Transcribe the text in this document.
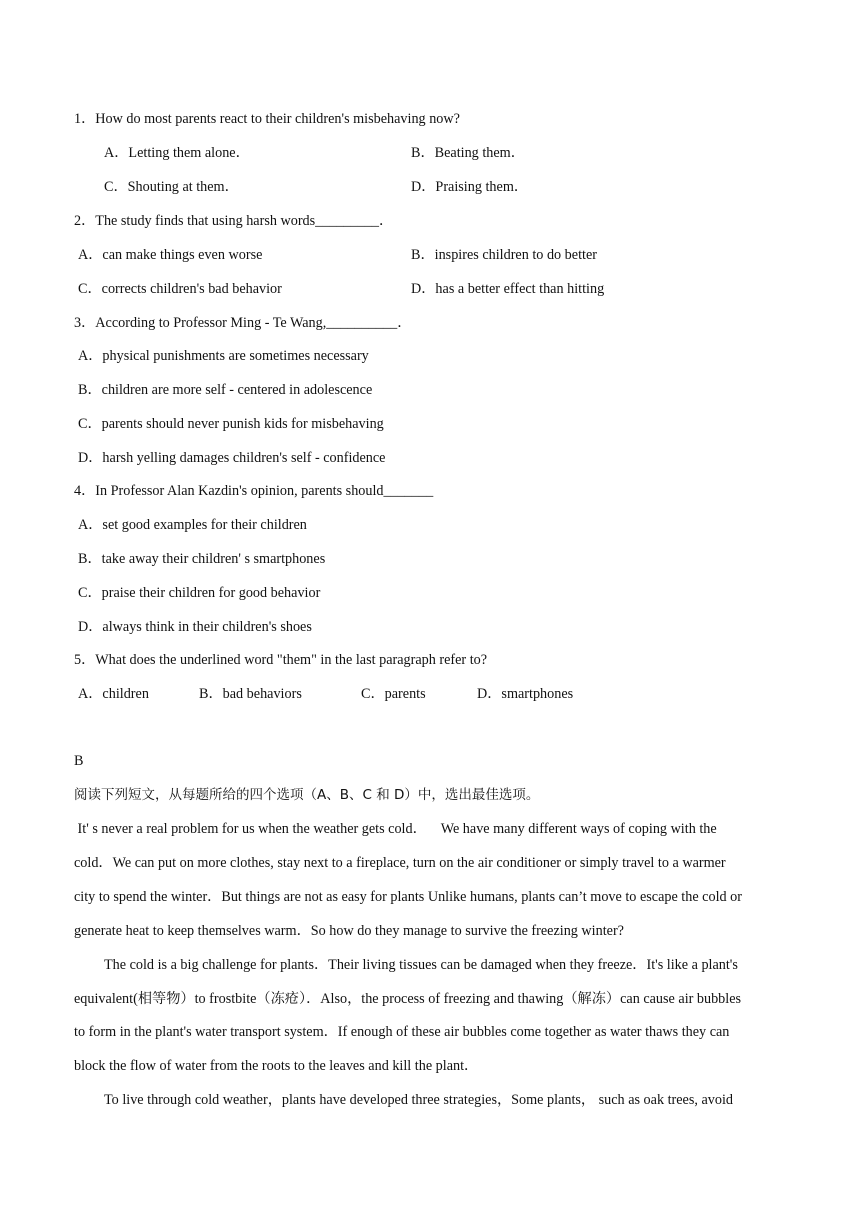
1．How do most parents react to their children's misbehaving now?
A．Letting them alone．	B．Beating them．
C．Shouting at them．	D．Praising them．
2．The study finds that using harsh words_________．
A．can make things even worse	B．inspires children to do better
C．corrects children's bad behavior	D．has a better effect than hitting
3．According to Professor Ming - Te Wang,__________．
A．physical punishments are sometimes necessary
B．children are more self - centered in adolescence
C．parents should never punish kids for misbehaving
D．harsh yelling damages children's self - confidence
4．In Professor Alan Kazdin's opinion, parents should_______
A．set good examples for their children
B．take away their children' s smartphones
C．praise their children for good behavior
D．always think in their children's shoes
5．What does the underlined word "them" in the last paragraph refer to?
A．children	B．bad behaviors	C．parents	D．smartphones
B
阅读下列短文，从每题所给的四个选项（A、B、C 和 D）中，选出最佳选项。
It' s never a real problem for us when the weather gets cold．    We have many different ways of coping with the
cold．We can put on more clothes, stay next to a fireplace, turn on the air conditioner or simply travel to a warmer
city to spend the winter．But things are not as easy for plants Unlike humans, plants can’t move to escape the cold or
generate heat to keep themselves warm．So how do they manage to survive the freezing winter?
The cold is a big challenge for plants．Their living tissues can be damaged when they freeze．It's like a plant's
equivalent(相等物）to frostbite（冻疮）．Also，the process of freezing and thawing（解冻）can cause air bubbles
to form in the plant's water transport system．If enough of these air bubbles come together as water thaws they can
block the flow of water from the roots to the leaves and kill the plant．
To live through cold weather，plants have developed three strategies，Some plants， such as oak trees, avoid
